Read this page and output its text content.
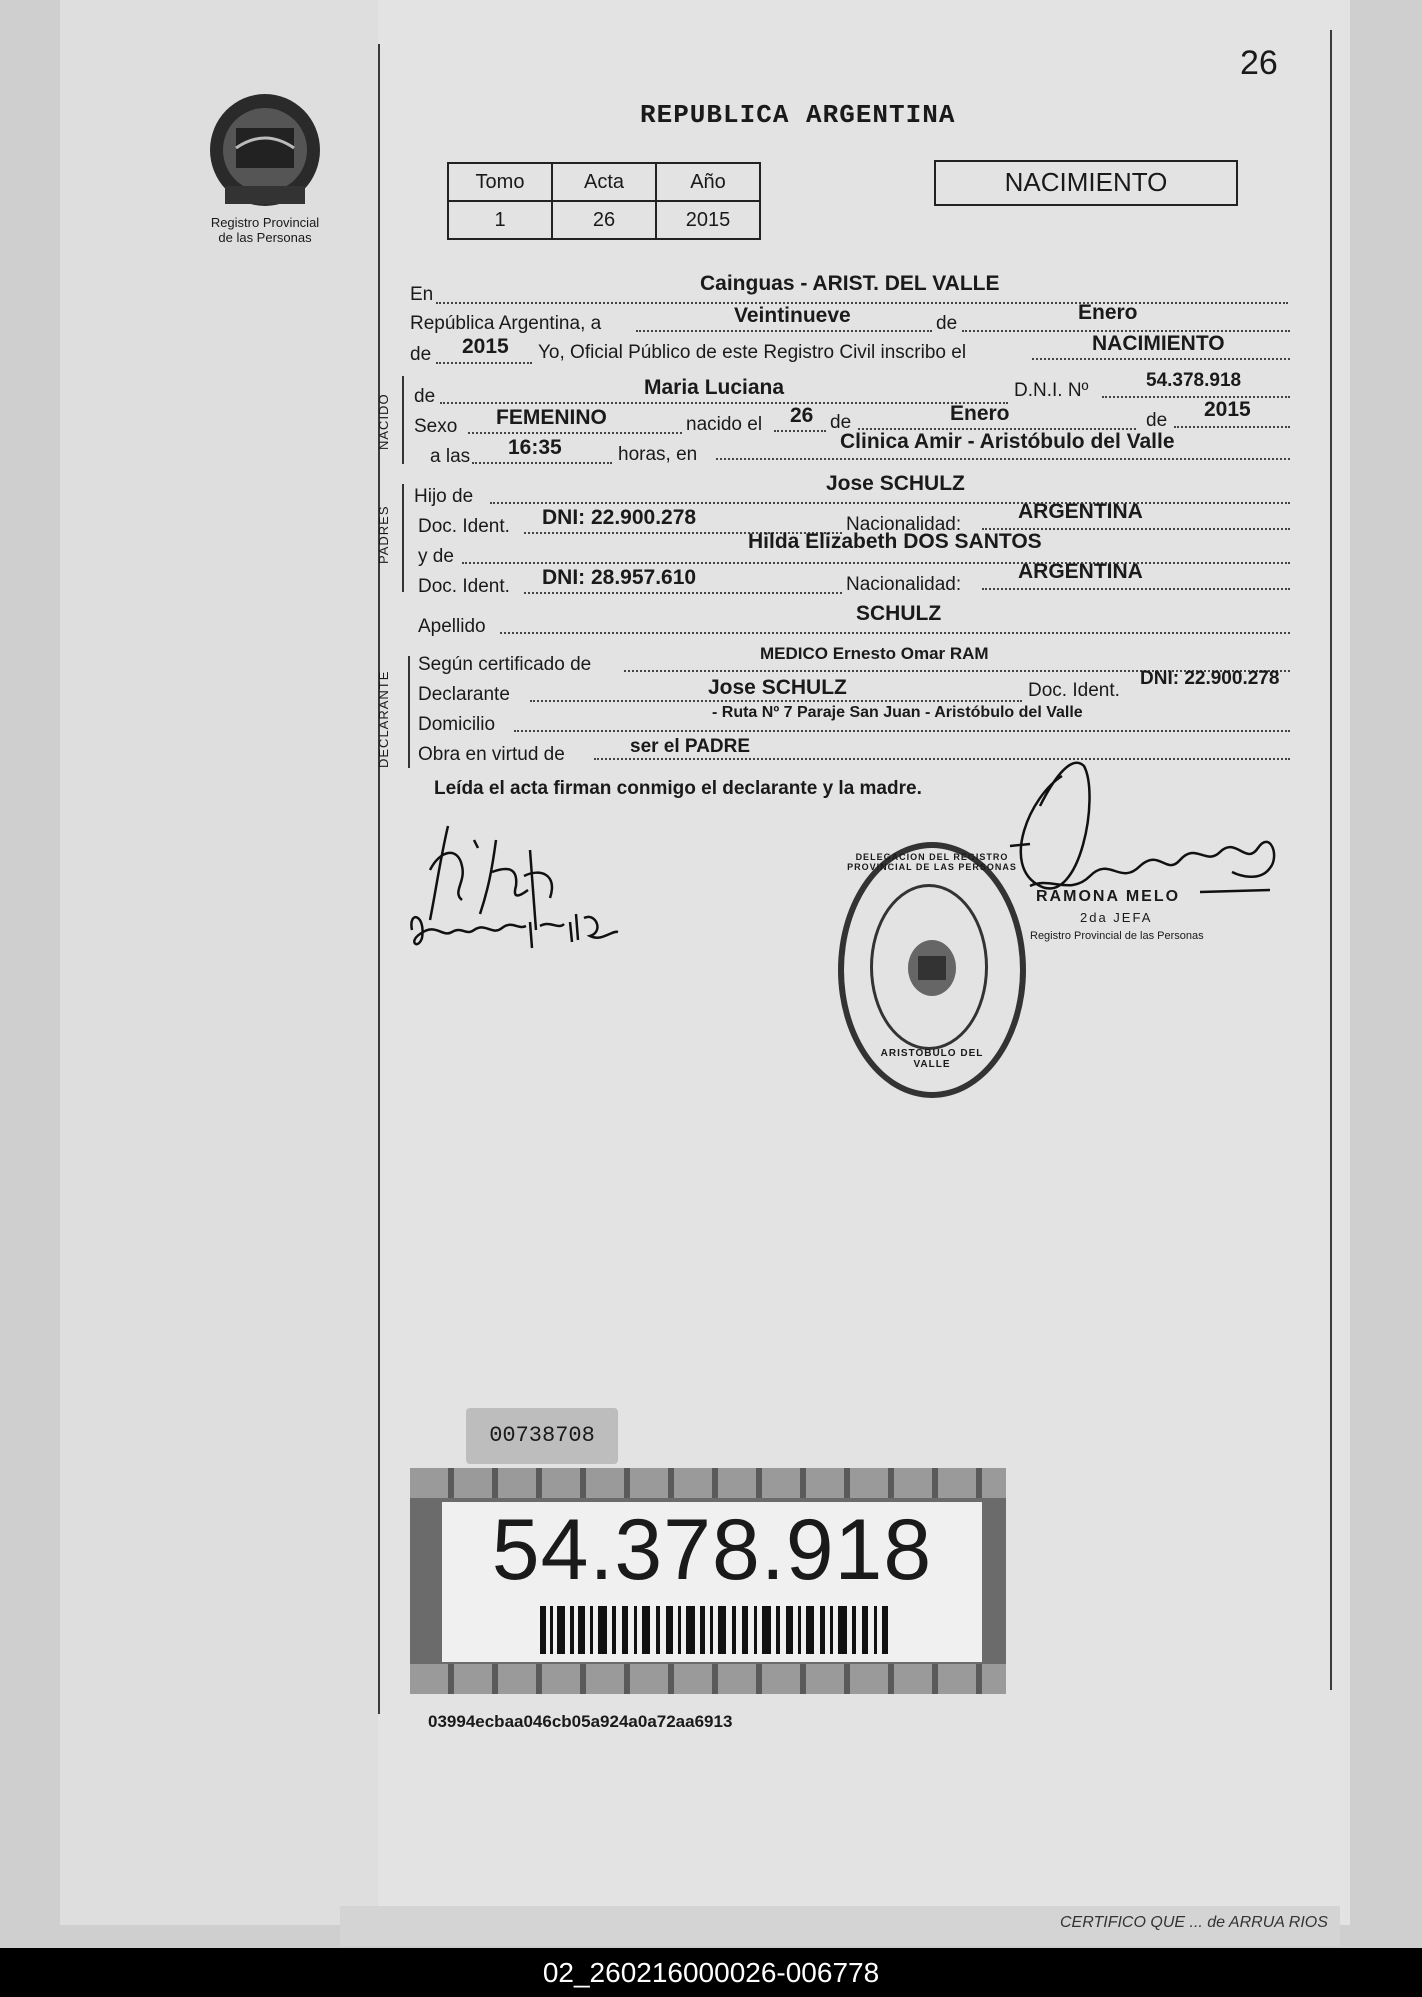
26
Registro Provincial
de las Personas
REPUBLICA ARGENTINA
Tomo	Acta	Año
1	26	2015
NACIMIENTO
En	Cainguas - ARIST. DEL VALLE
República Argentina, a	Veintinueve	de	Enero
de 2015 Yo, Oficial Público de este Registro Civil inscribo el	NACIMIENTO
NACIDO de	Maria Luciana	D.N.I. Nº	54.378.918
Sexo FEMENINO	nacido el 26 de	Enero	de 2015
a las 16:35	horas, en
Clinica Amir - Aristóbulo del Valle
PADRES
Hijo de
Jose SCHULZ
Doc. Ident. DNI: 22.900.278	Nacionalidad:
ARGENTINA
y de
Hilda Elizabeth DOS SANTOS
Doc. Ident. DNI: 28.957.610	Nacionalidad:
ARGENTINA
Apellido
SCHULZ
DECLARANTE
Según certificado de
MEDICO Ernesto Omar RAM
Declarante	Jose SCHULZ	Doc. Ident.
DNI: 22.900.278
Domicilio
- Ruta Nº 7 Paraje San Juan - Aristóbulo del Valle
Obra en virtud de	ser el PADRE
Leída el acta firman conmigo el declarante y la madre.
RAMONA MELO
2da JEFA
Registro Provincial de las Personas
DELEGACION DEL REGISTRO PROVINCIAL DE LAS PERSONAS
ARISTOBULO DEL VALLE
00738708
54.378.918
03994ecbaa046cb05a924a0a72aa6913
CERTIFICO QUE ... de ARRUA RIOS
02_260216000026-006778
